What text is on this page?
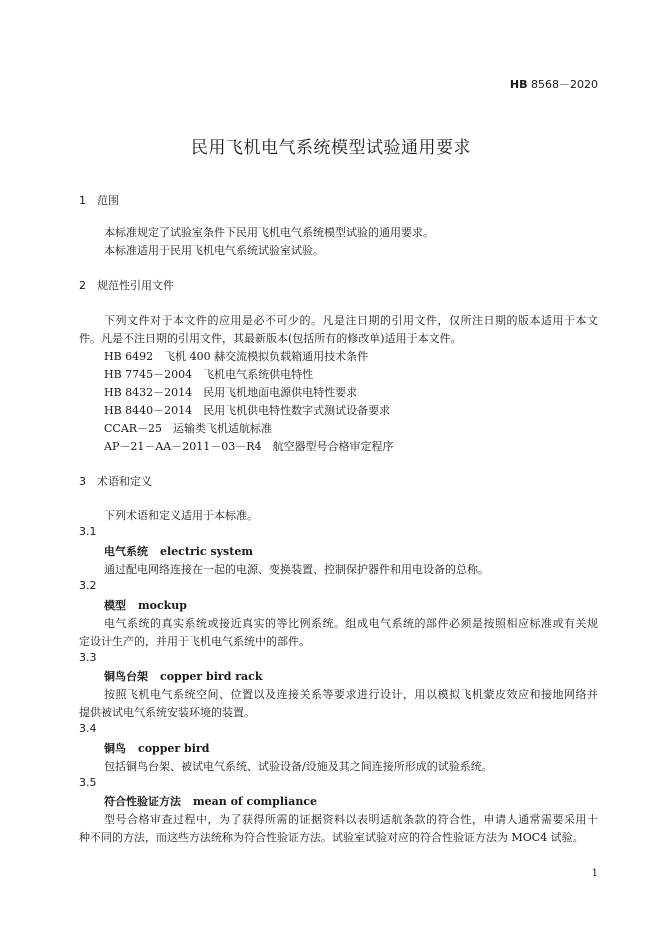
HB 8568－2020
民用飞机电气系统模型试验通用要求
1 范围
本标准规定了试验室条件下民用飞机电气系统模型试验的通用要求。
本标准适用于民用飞机电气系统试验室试验。
2 规范性引用文件
下列文件对于本文件的应用是必不可少的。凡是注日期的引用文件，仅所注日期的版本适用于本文
件。凡是不注日期的引用文件，其最新版本(包括所有的修改单)适用于本文件。
HB 6492　飞机 400 赫交流模拟负载箱通用技术条件
HB 7745－2004　飞机电气系统供电特性
HB 8432－2014　民用飞机地面电源供电特性要求
HB 8440－2014　民用飞机供电特性数字式测试设备要求
CCAR－25　运输类飞机适航标准
AP－21－AA－2011－03－R4　航空器型号合格审定程序
3 术语和定义
下列术语和定义适用于本标准。
3.1
电气系统 electric system
通过配电网络连接在一起的电源、变换装置、控制保护器件和用电设备的总称。
3.2
模型 mockup
电气系统的真实系统或接近真实的等比例系统。组成电气系统的部件必须是按照相应标准或有关规
定设计生产的，并用于飞机电气系统中的部件。
3.3
铜鸟台架 copper bird rack
按照飞机电气系统空间、位置以及连接关系等要求进行设计，用以模拟飞机蒙皮效应和接地网络并
提供被试电气系统安装环境的装置。
3.4
铜鸟 copper bird
包括铜鸟台架、被试电气系统、试验设备/设施及其之间连接所形成的试验系统。
3.5
符合性验证方法 mean of compliance
型号合格审查过程中，为了获得所需的证据资料以表明适航条款的符合性，申请人通常需要采用十
种不同的方法，而这些方法统称为符合性验证方法。试验室试验对应的符合性验证方法为 MOC4 试验。
1
